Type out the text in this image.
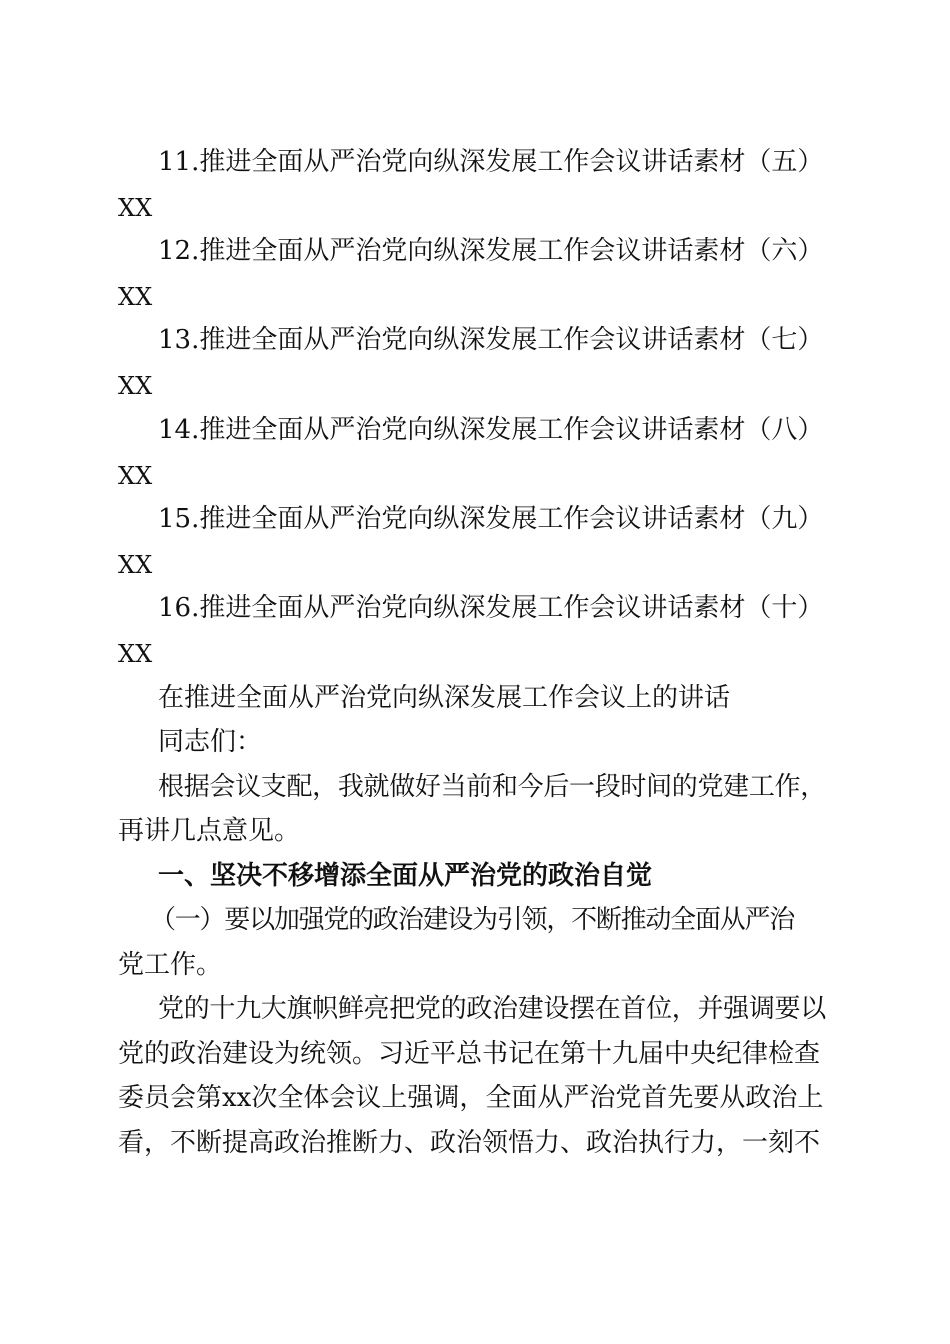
11.推进全面从严治党向纵深发展工作会议讲话素材（五）

XX

12.推进全面从严治党向纵深发展工作会议讲话素材（六）

XX

13.推进全面从严治党向纵深发展工作会议讲话素材（七）

XX

14.推进全面从严治党向纵深发展工作会议讲话素材（八）

XX

15.推进全面从严治党向纵深发展工作会议讲话素材（九）

XX

16.推进全面从严治党向纵深发展工作会议讲话素材（十）

XX

在推进全面从严治党向纵深发展工作会议上的讲话

同志们：

根据会议支配，我就做好当前和今后一段时间的党建工作，

再讲几点意见。

一、坚决不移增添全面从严治党的政治自觉

（一）要以加强党的政治建设为引领，不断推动全面从严治

党工作。

党的十九大旗帜鲜亮把党的政治建设摆在首位，并强调要以

党的政治建设为统领。习近平总书记在第十九届中央纪律检查

委员会第xx次全体会议上强调，全面从严治党首先要从政治上

看，不断提高政治推断力、政治领悟力、政治执行力，一刻不
